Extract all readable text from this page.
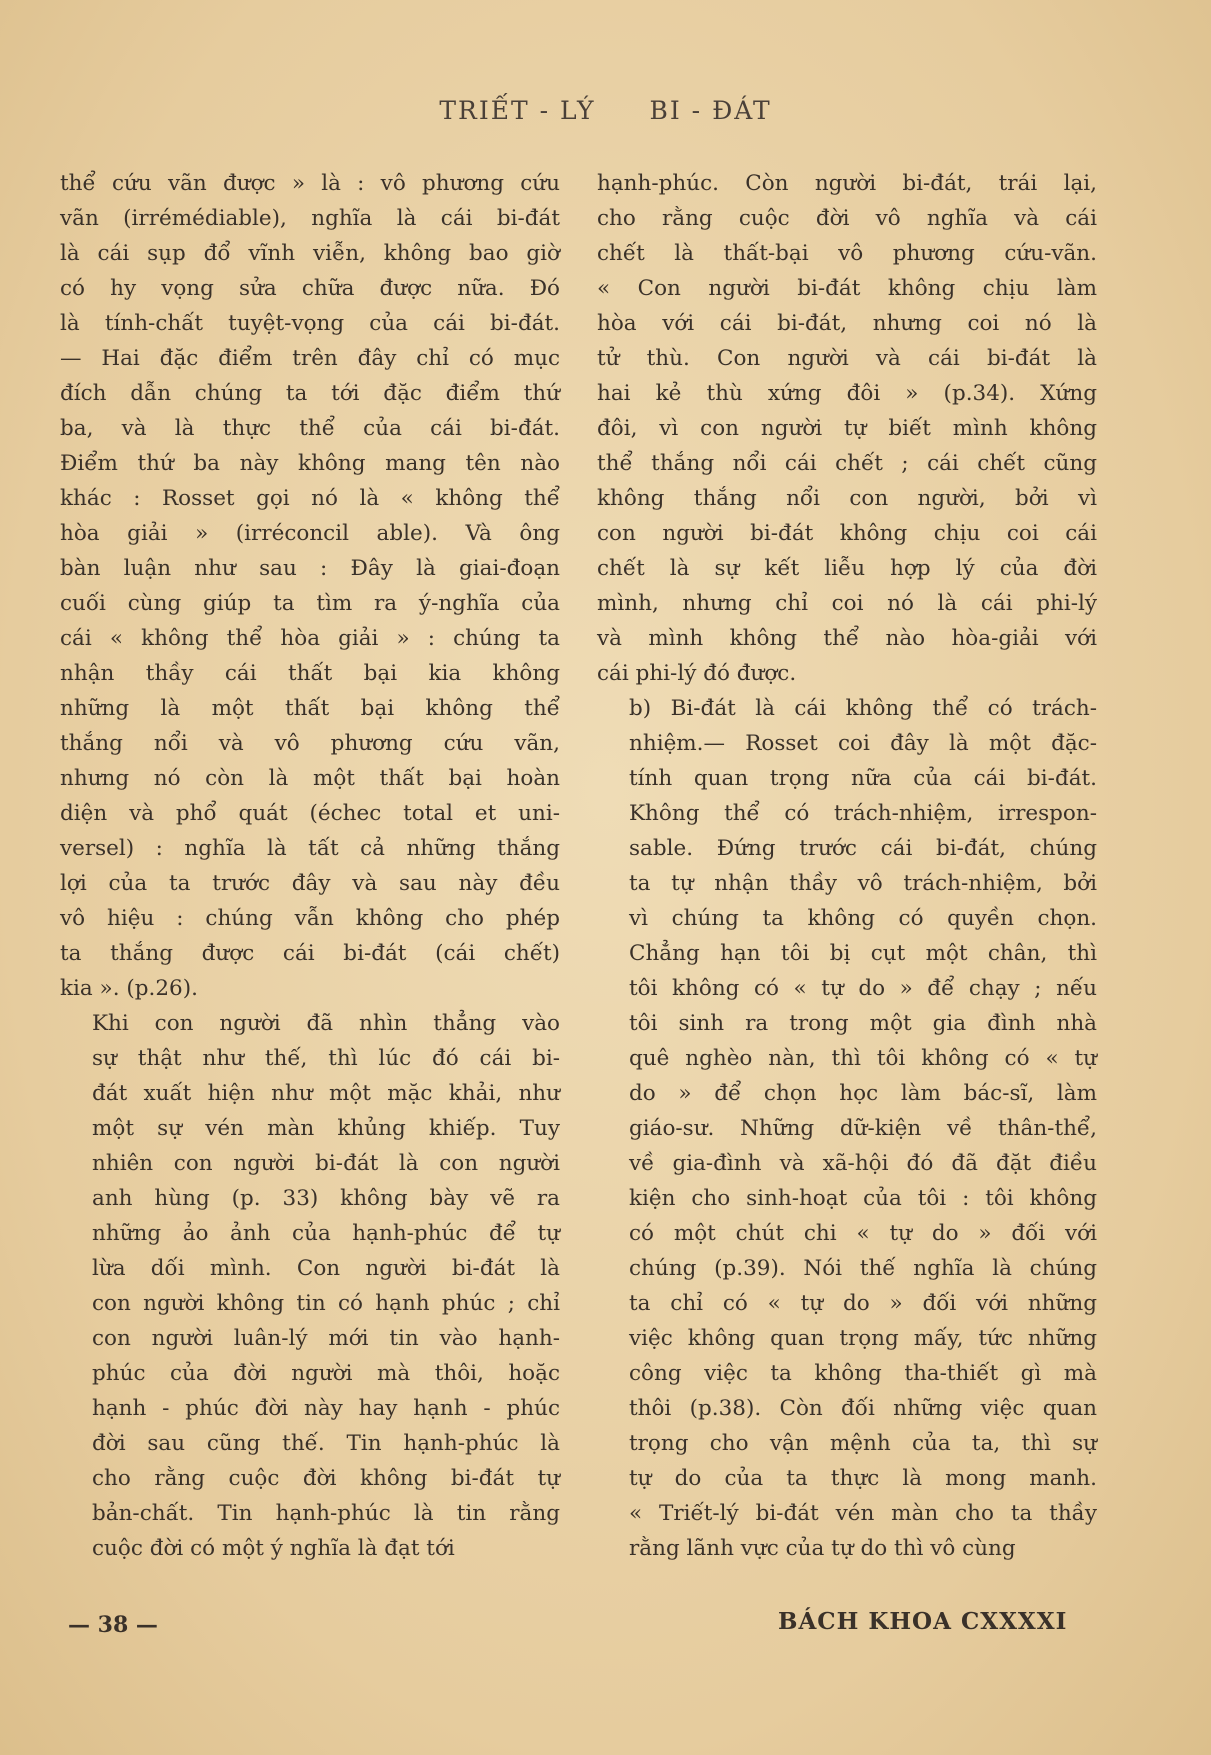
TRIẾT - LÝ BI - ĐÁT

thể cứu vãn được » là : vô phương cứu
vãn (irrémédiable), nghĩa là cái bi-đát
là cái sụp đổ vĩnh viễn, không bao giờ
có hy vọng sửa chữa được nữa. Đó
là tính-chất tuyệt-vọng của cái bi-đát.
— Hai đặc điểm trên đây chỉ có mục
đích dẫn chúng ta tới đặc điểm thứ
ba, và là thực thể của cái bi-đát.
Điểm thứ ba này không mang tên nào
khác : Rosset gọi nó là « không thể
hòa giải » (irréconcil able). Và ông
bàn luận như sau : Đây là giai-đoạn
cuối cùng giúp ta tìm ra ý-nghĩa của
cái « không thể hòa giải » : chúng ta
nhận thầy cái thất bại kia không
những là một thất bại không thể
thắng nổi và vô phương cứu vãn,
nhưng nó còn là một thất bại hoàn
diện và phổ quát (échec total et uni-
versel) : nghĩa là tất cả những thắng
lợi của ta trước đây và sau này đều
vô hiệu : chúng vẫn không cho phép
ta thắng được cái bi-đát (cái chết)
kia ». (p.26).

Khi con người đã nhìn thẳng vào
sự thật như thế, thì lúc đó cái bi-
đát xuất hiện như một mặc khải, như
một sự vén màn khủng khiếp. Tuy
nhiên con người bi-đát là con người
anh hùng (p. 33) không bày vẽ ra
những ảo ảnh của hạnh-phúc để tự
lừa dối mình. Con người bi-đát là
con người không tin có hạnh phúc ; chỉ
con người luân-lý mới tin vào hạnh-
phúc của đời người mà thôi, hoặc
hạnh - phúc đời này hay hạnh - phúc
đời sau cũng thế. Tin hạnh-phúc là
cho rằng cuộc đời không bi-đát tự
bản-chất. Tin hạnh-phúc là tin rằng
cuộc đời có một ý nghĩa là đạt tới

hạnh-phúc. Còn người bi-đát, trái lại,
cho rằng cuộc đời vô nghĩa và cái
chết là thất-bại vô phương cứu-vãn.
« Con người bi-đát không chịu làm
hòa với cái bi-đát, nhưng coi nó là
tử thù. Con người và cái bi-đát là
hai kẻ thù xứng đôi » (p.34). Xứng
đôi, vì con người tự biết mình không
thể thắng nổi cái chết ; cái chết cũng
không thắng nổi con người, bởi vì
con người bi-đát không chịu coi cái
chết là sự kết liễu hợp lý của đời
mình, nhưng chỉ coi nó là cái phi-lý
và mình không thể nào hòa-giải với
cái phi-lý đó được.

b) Bi-đát là cái không thể có trách-
nhiệm.— Rosset coi đây là một đặc-
tính quan trọng nữa của cái bi-đát.
Không thể có trách-nhiệm, irrespon-
sable. Đứng trước cái bi-đát, chúng
ta tự nhận thầy vô trách-nhiệm, bởi
vì chúng ta không có quyền chọn.
Chẳng hạn tôi bị cụt một chân, thì
tôi không có « tự do » để chạy ; nếu
tôi sinh ra trong một gia đình nhà
quê nghèo nàn, thì tôi không có « tự
do » để chọn học làm bác-sĩ, làm
giáo-sư. Những dữ-kiện về thân-thể,
về gia-đình và xã-hội đó đã đặt điều
kiện cho sinh-hoạt của tôi : tôi không
có một chút chi « tự do » đối với
chúng (p.39). Nói thế nghĩa là chúng
ta chỉ có « tự do » đối với những
việc không quan trọng mấy, tức những
công việc ta không tha-thiết gì mà
thôi (p.38). Còn đối những việc quan
trọng cho vận mệnh của ta, thì sự
tự do của ta thực là mong manh.
« Triết-lý bi-đát vén màn cho ta thầy
rằng lãnh vực của tự do thì vô cùng

— 38 —	BÁCH KHOA CXXXXI
